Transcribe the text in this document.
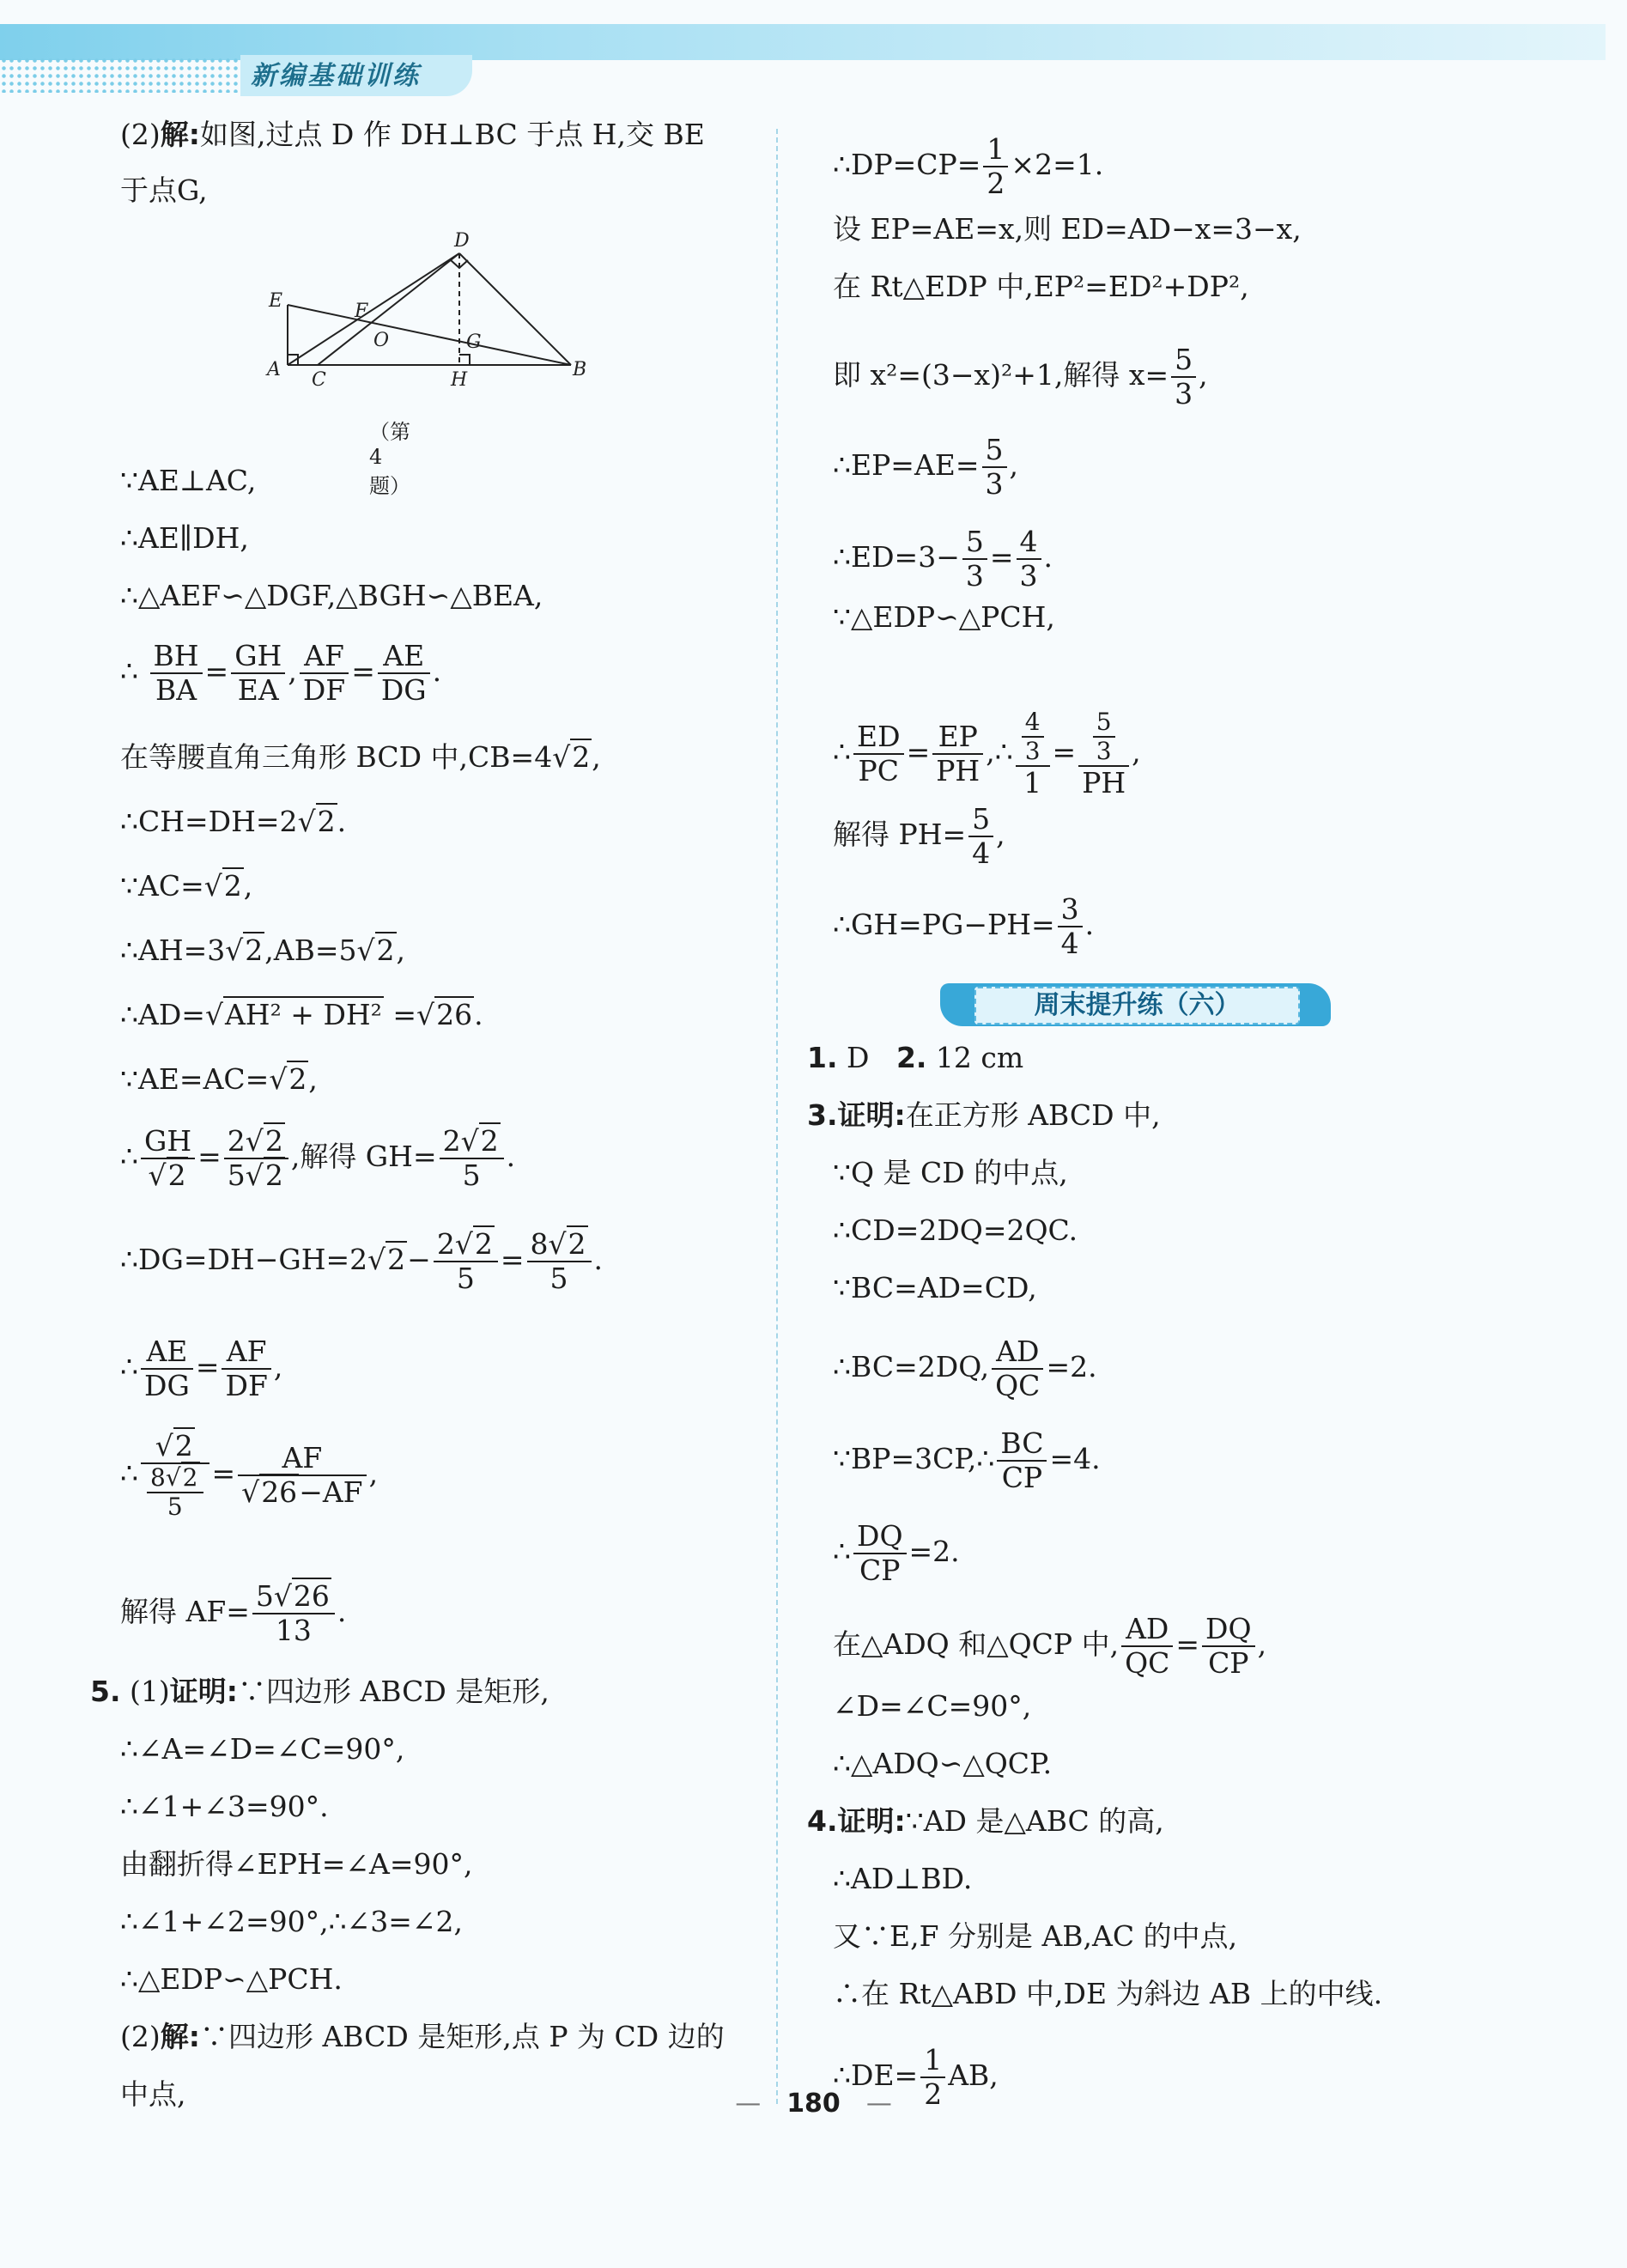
新编基础训练
(2)解:如图,过点 D 作 DH⊥BC 于点 H,交 BE
于点G,
D
E	F
O	G
A C	H	B
（第 4 题）
∵AE⊥AC,
∴AE∥DH,
∴△AEF∽△DGF,△BGH∽△BEA,
∴ $\frac{BH}{BA} = \frac{GH}{EA}$ , $\frac{AF}{DF} = \frac{AE}{DG}$ .
在等腰直角三角形 BCD 中,CB=4√2,
∴CH=DH=2√2.
∵AC=√2,
∴AH=3√2,AB=5√2,
∴AD=√AH² + DH² =√26.
∵AE=AC=√2,
∴ $\frac{GH}{√2} = \frac{2√2}{5√2}$ ,解得 $GH= \frac{2√2}{5}$ .
∴DG=DH−GH=2√2− $\frac{2√2}{5} = \frac{8√2}{5}$ .
∴ $\frac{AE}{DG} = \frac{AF}{DF}$ ,
∴ $\frac{√2}{\frac{8√2}{5}} = \frac{AF}{√26-AF}$ ,
解得 $AF= \frac{5√26}{13}$ .
5. (1)证明:∵四边形 ABCD 是矩形,
∴∠A=∠D=∠C=90°,
∴∠1+∠3=90°.
由翻折得∠EPH=∠A=90°,
∴∠1+∠2=90°,∴∠3=∠2,
∴△EDP∽△PCH.
(2)解:∵四边形 ABCD 是矩形,点 P 为 CD 边的
中点,
∴DP=CP= $\frac{1}{2} \times 2=1$.
设 EP=AE=x,则 ED=AD−x=3−x,
在 Rt△EDP 中,EP²=ED²+DP²,
即 x²=(3−x)²+1,解得 $x= \frac{5}{3}$ ,
∴EP=AE= $\frac{5}{3}$ ,
∴ED=3− $\frac{5}{3} = \frac{4}{3}$ .
∵△EDP∽△PCH,
∴ $\frac{ED}{PC} = \frac{EP}{PH}$ ,∴ $\frac{\frac{4}{3}}{1} = \frac{\frac{5}{3}}{PH}$ ,
解得 $PH= \frac{5}{4}$ ,
∴GH=PG−PH= $\frac{3}{4}$ .
周末提升练（六）
1. D 2. 12 cm
3.证明:在正方形 ABCD 中,
∵Q 是 CD 的中点,
∴CD=2DQ=2QC.
∵BC=AD=CD,
∴BC=2DQ, $\frac{AD}{QC} =2$.
∵BP=3CP,∴ $\frac{BC}{CP} =4$.
∴ $\frac{DQ}{CP} =2$.
在△ADQ 和△QCP 中, $\frac{AD}{QC} = \frac{DQ}{CP}$ ,
∠D=∠C=90°,
∴△ADQ∽△QCP.
4.证明:∵AD 是△ABC 的高,
∴AD⊥BD.
又∵E,F 分别是 AB,AC 的中点,
∴在 Rt△ABD 中,DE 为斜边 AB 上的中线.
∴DE= $\frac{1}{2}$ AB,
— 180 —
